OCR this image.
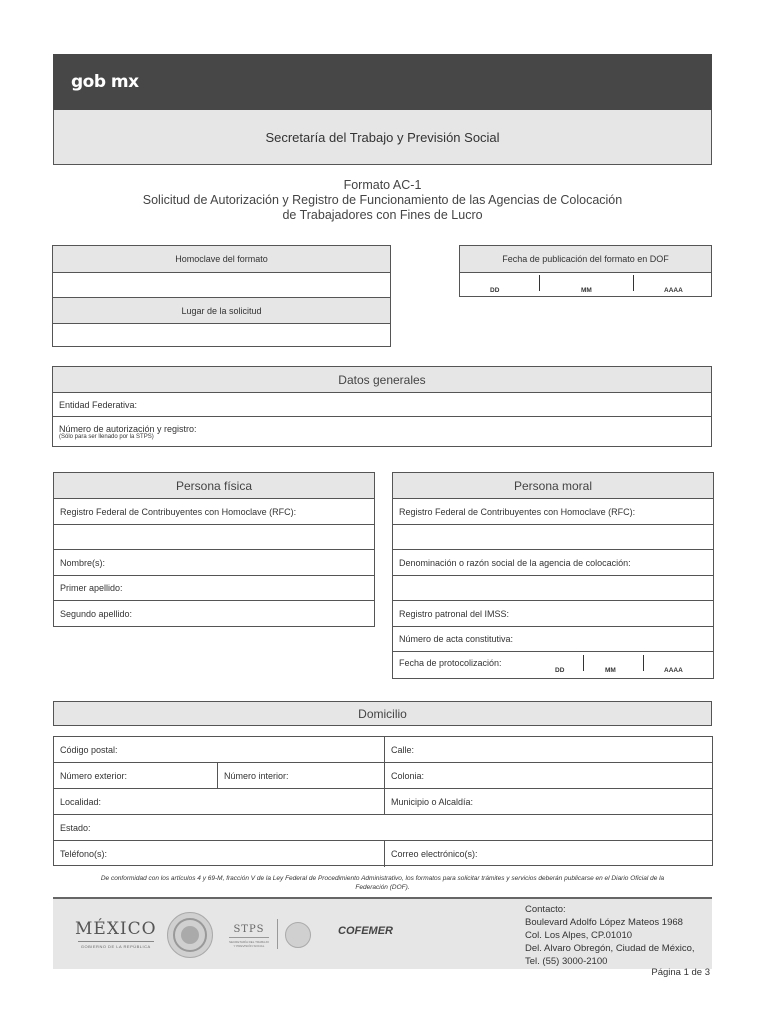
gob mx
Secretaría del Trabajo y Previsión Social
Formato AC-1
Solicitud de Autorización y Registro de Funcionamiento de las Agencias de Colocación
de Trabajadores con Fines de Lucro
Homoclave del formato
Lugar de la solicitud
Fecha de publicación del formato en DOF
DD	MM	AAAA
Datos generales
Entidad Federativa:
Número de autorización y registro:
(Sólo para ser llenado por la STPS)
Persona física
Registro Federal de Contribuyentes con Homoclave (RFC):
Nombre(s):
Primer apellido:
Segundo apellido:
Persona moral
Registro Federal de Contribuyentes con Homoclave (RFC):
Denominación o razón social de la agencia de colocación:
Registro patronal del IMSS:
Número de acta constitutiva:
Fecha de protocolización:
DD	MM	AAAA
Domicilio
Código postal:	Calle:
Número exterior:	Número interior:	Colonia:
Localidad:	Municipio o Alcaldía:
Estado:
Teléfono(s):	Correo electrónico(s):
De conformidad con los artículos 4 y 69-M, fracción V de la Ley Federal de Procedimiento Administrativo, los formatos para solicitar trámites y servicios deberán publicarse en el Diario Oficial de la
Federación (DOF).
MÉXICO
GOBIERNO DE LA REPÚBLICA
STPS
SECRETARÍA DEL TRABAJO Y PREVISIÓN SOCIAL
COFEMER
Contacto:
Boulevard Adolfo López Mateos 1968
Col. Los Alpes, CP.01010
Del. Alvaro Obregón, Ciudad de México,
Tel. (55) 3000-2100
Página 1 de 3
